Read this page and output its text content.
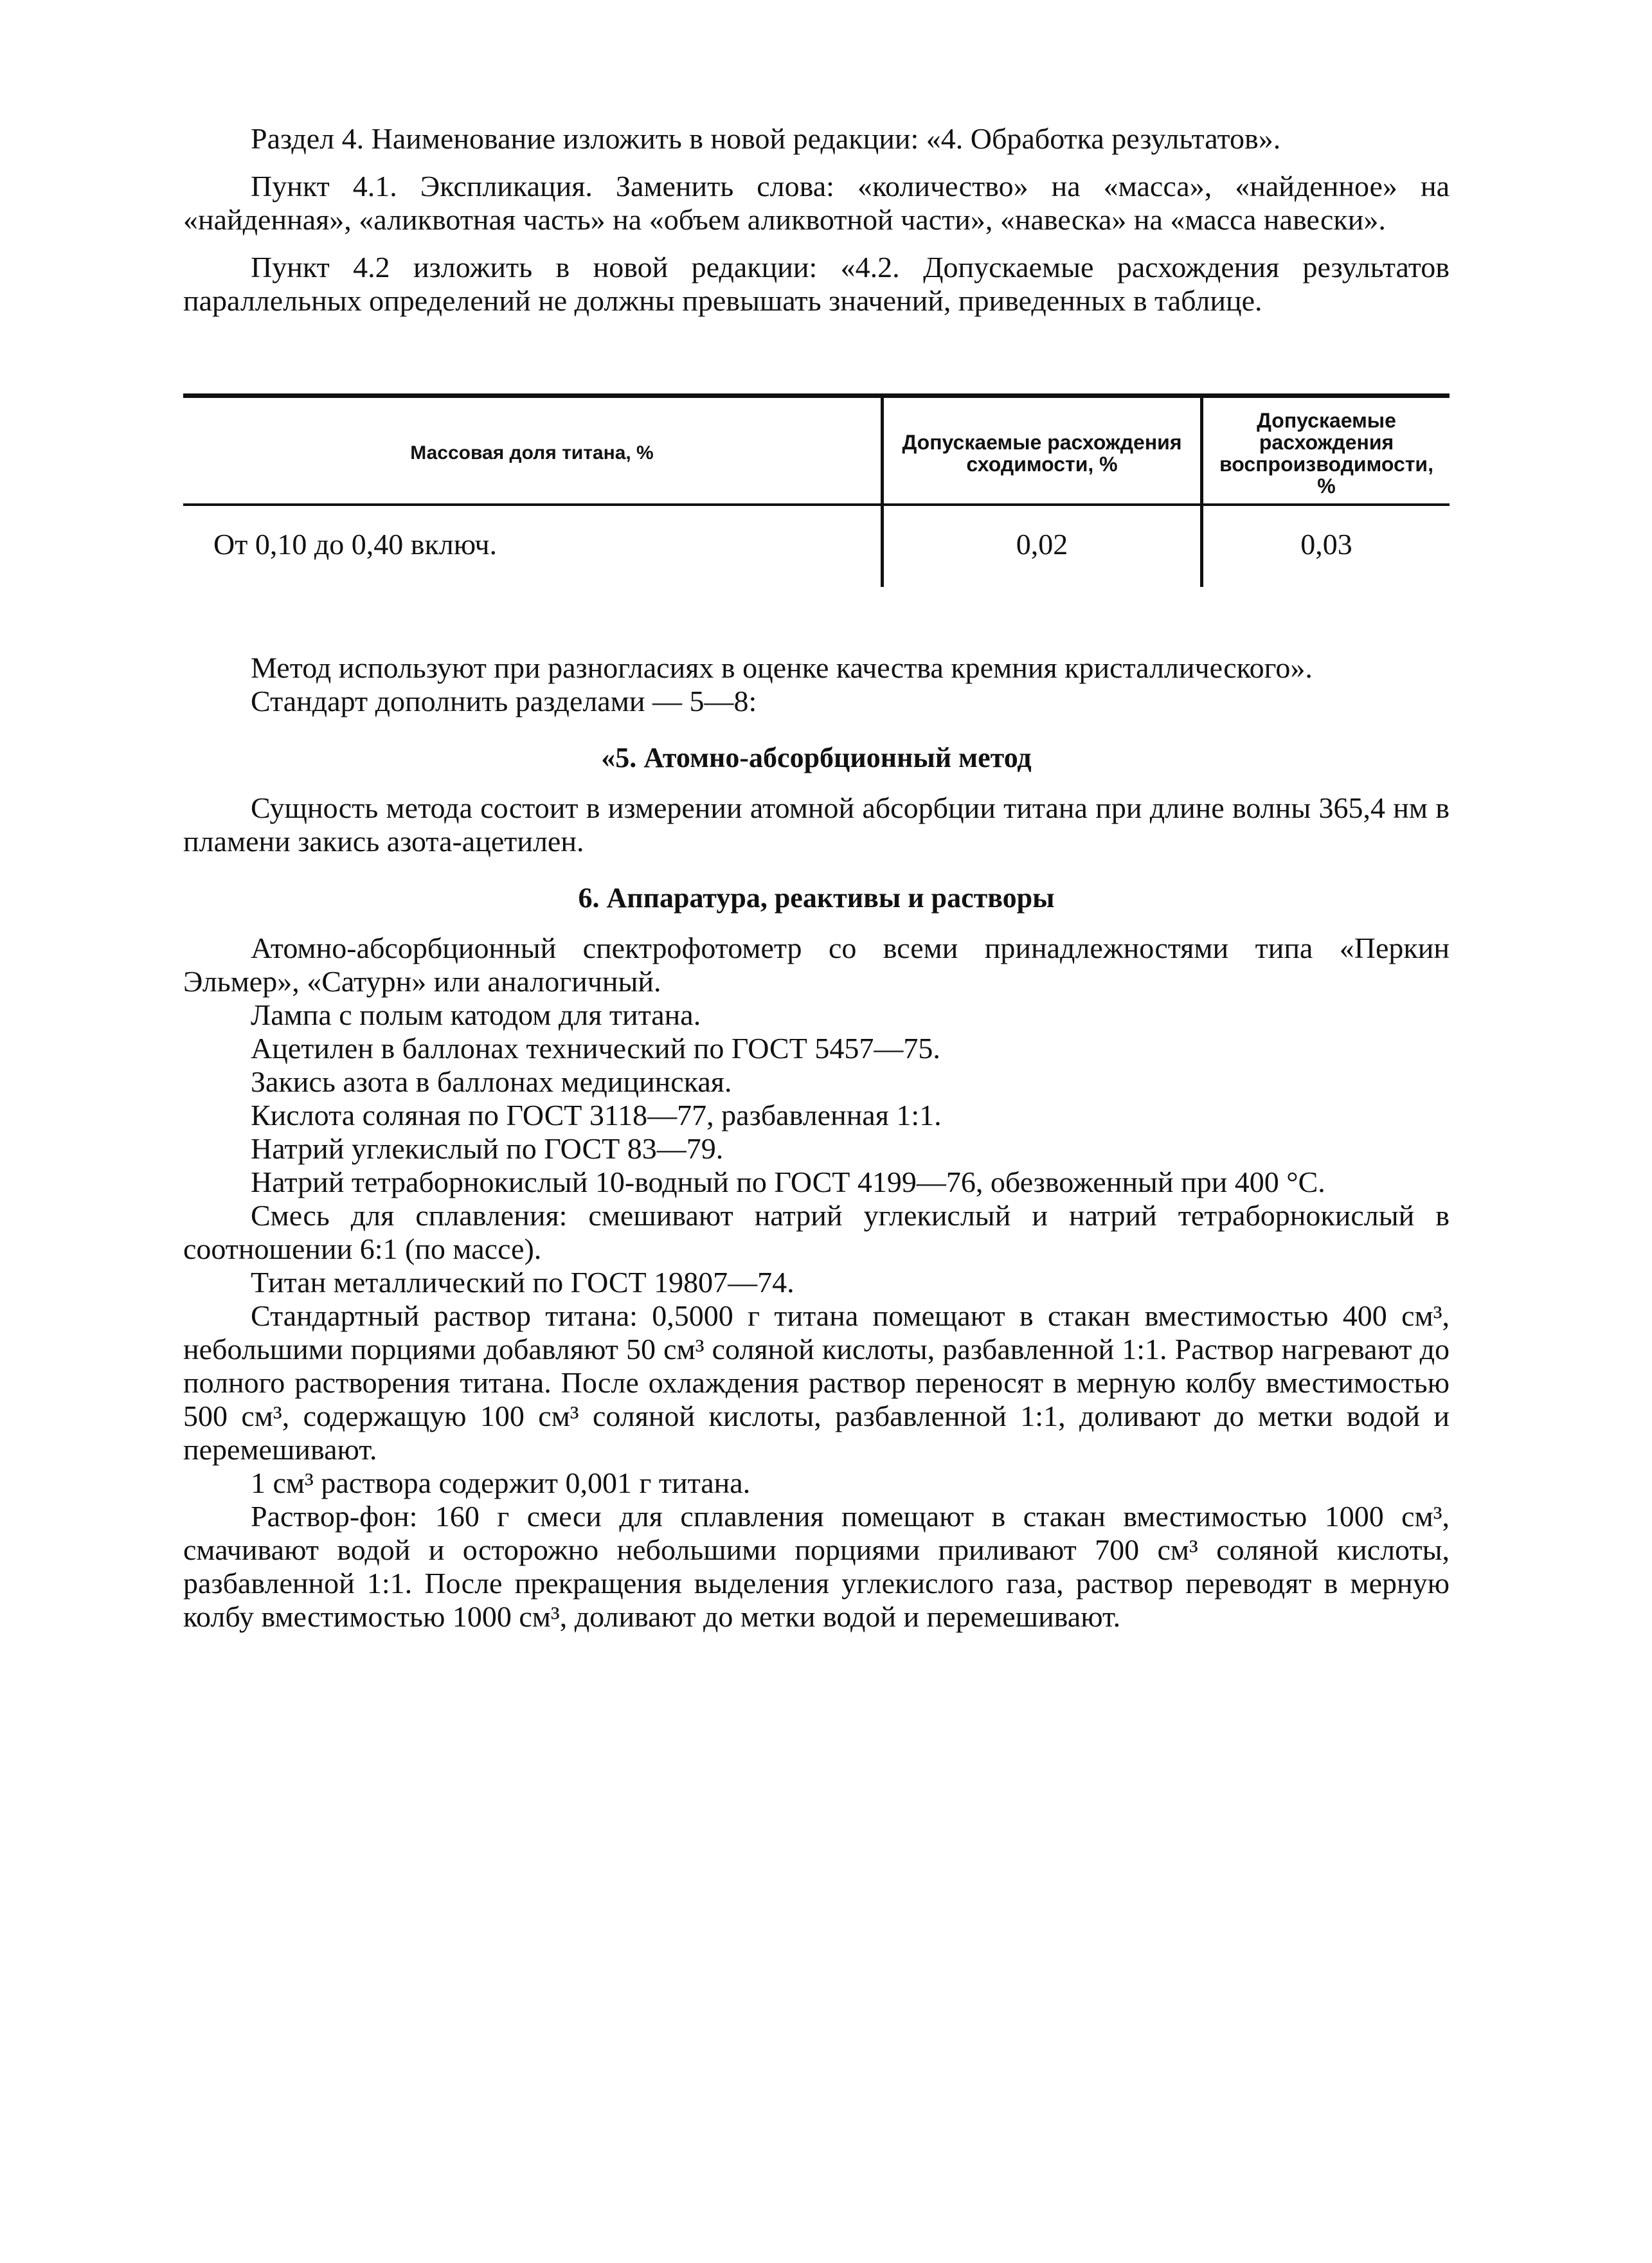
Раздел 4. Наименование изложить в новой редакции: «4. Обработка результатов».

Пункт 4.1. Экспликация. Заменить слова: «количество» на «масса», «найденное» на «найденная», «аликвотная часть» на «объем аликвотной части», «навеска» на «масса навески».

Пункт 4.2 изложить в новой редакции: «4.2. Допускаемые расхождения результатов параллельных определений не должны превышать значений, приведенных в таблице.

Массовая доля титана, %	Допускаемые расхождения сходимости, %	Допускаемые расхождения воспроизводимости, %
От 0,10 до 0,40 включ.	0,02	0,03

Метод используют при разногласиях в оценке качества кремния кристаллического».

Стандарт дополнить разделами — 5—8:

«5. Атомно-абсорбционный метод

Сущность метода состоит в измерении атомной абсорбции титана при длине волны 365,4 нм в пламени закись азота-ацетилен.

6. Аппаратура, реактивы и растворы

Атомно-абсорбционный спектрофотометр со всеми принадлежностями типа «Перкин Эльмер», «Сатурн» или аналогичный.

Лампа с полым катодом для титана.

Ацетилен в баллонах технический по ГОСТ 5457—75.

Закись азота в баллонах медицинская.

Кислота соляная по ГОСТ 3118—77, разбавленная 1:1.

Натрий углекислый по ГОСТ 83—79.

Натрий тетраборнокислый 10-водный по ГОСТ 4199—76, обезвоженный при 400 °С.

Смесь для сплавления: смешивают натрий углекислый и натрий тетраборнокислый в соотношении 6:1 (по массе).

Титан металлический по ГОСТ 19807—74.

Стандартный раствор титана: 0,5000 г титана помещают в стакан вместимостью 400 см³, небольшими порциями добавляют 50 см³ соляной кислоты, разбавленной 1:1. Раствор нагревают до полного растворения титана. После охлаждения раствор переносят в мерную колбу вместимостью 500 см³, содержащую 100 см³ соляной кислоты, разбавленной 1:1, доливают до метки водой и перемешивают.

1 см³ раствора содержит 0,001 г титана.

Раствор-фон: 160 г смеси для сплавления помещают в стакан вместимостью 1000 см³, смачивают водой и осторожно небольшими порциями приливают 700 см³ соляной кислоты, разбавленной 1:1. После прекращения выделения углекислого газа, раствор переводят в мерную колбу вместимостью 1000 см³, доливают до метки водой и перемешивают.
